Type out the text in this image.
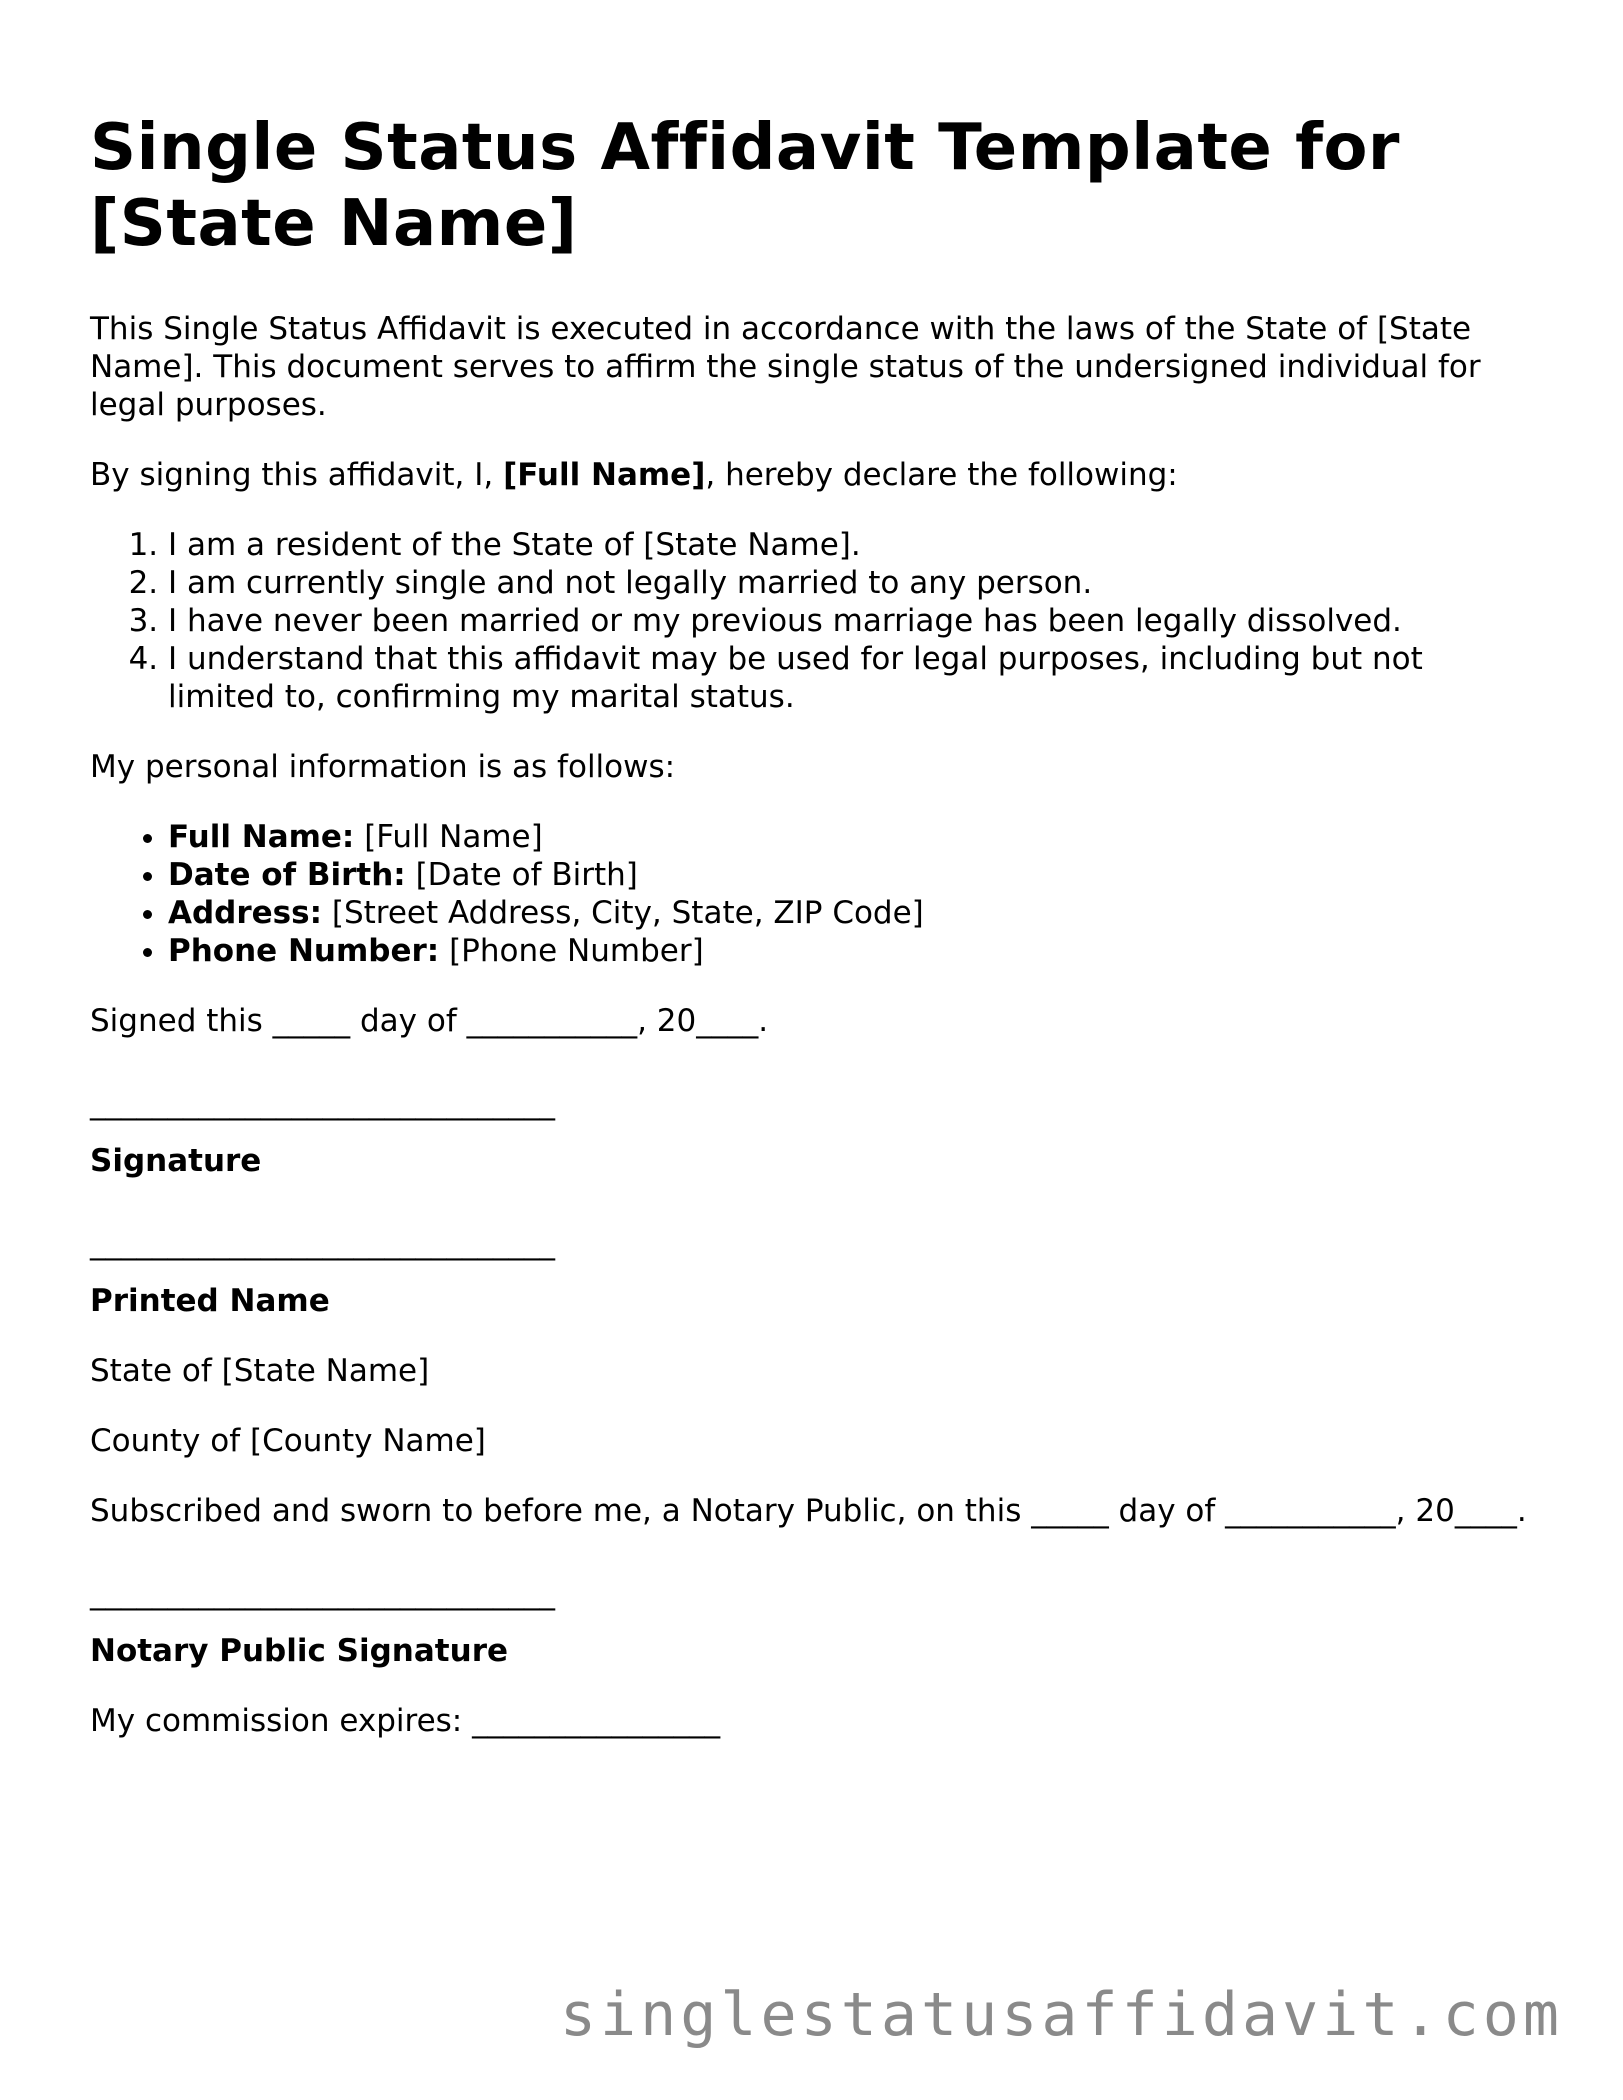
Single Status Affidavit Template for [State Name]

This Single Status Affidavit is executed in accordance with the laws of the State of [State Name]. This document serves to affirm the single status of the undersigned individual for legal purposes.

By signing this affidavit, I, [Full Name], hereby declare the following:

1. I am a resident of the State of [State Name].
2. I am currently single and not legally married to any person.
3. I have never been married or my previous marriage has been legally dissolved.
4. I understand that this affidavit may be used for legal purposes, including but not limited to, confirming my marital status.

My personal information is as follows:

• Full Name: [Full Name]
• Date of Birth: [Date of Birth]
• Address: [Street Address, City, State, ZIP Code]
• Phone Number: [Phone Number]

Signed this _____ day of ___________, 20____.

______________________________
Signature
______________________________
Printed Name

State of [State Name]

County of [County Name]

Subscribed and sworn to before me, a Notary Public, on this _____ day of ___________, 20____.

______________________________
Notary Public Signature

My commission expires: ________________

singlestatusaffidavit.com
